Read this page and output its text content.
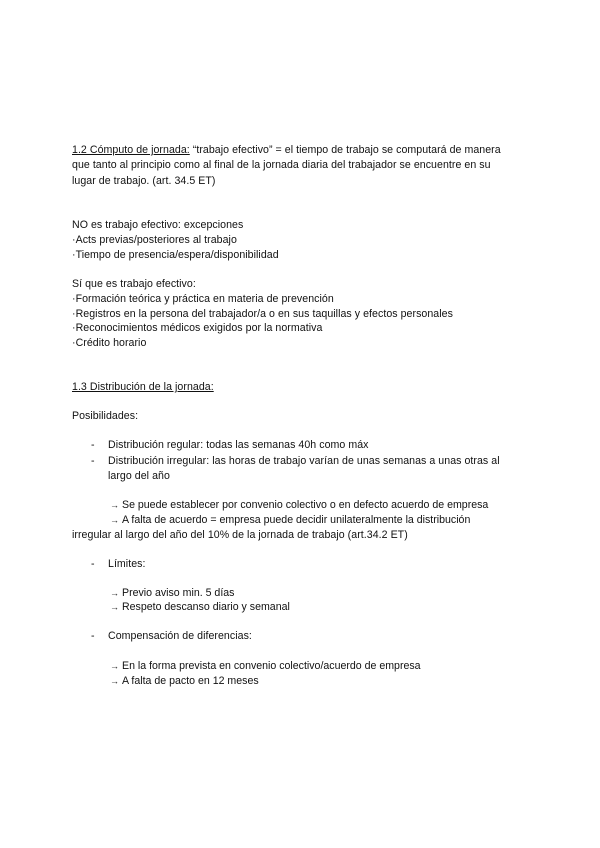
1.2 Cómputo de jornada: “trabajo efectivo” = el tiempo de trabajo se computará de manera
que tanto al principio como al final de la jornada diaria del trabajador se encuentre en su
lugar de trabajo. (art. 34.5 ET)
NO es trabajo efectivo: excepciones
·Acts previas/posteriores al trabajo
·Tiempo de presencia/espera/disponibilidad
Sí que es trabajo efectivo:
·Formación teórica y práctica en materia de prevención
·Registros en la persona del trabajador/a o en sus taquillas y efectos personales
·Reconocimientos médicos exigidos por la normativa
·Crédito horario
1.3 Distribución de la jornada:
Posibilidades:
- Distribución regular: todas las semanas 40h como máx
- Distribución irregular: las horas de trabajo varían de unas semanas a unas otras al
largo del año
→ Se puede establecer por convenio colectivo o en defecto acuerdo de empresa
→ A falta de acuerdo = empresa puede decidir unilateralmente la distribución
irregular al largo del año del 10% de la jornada de trabajo (art.34.2 ET)
- Límites:
→ Previo aviso min. 5 días
→ Respeto descanso diario y semanal
- Compensación de diferencias:
→ En la forma prevista en convenio colectivo/acuerdo de empresa
→ A falta de pacto en 12 meses
